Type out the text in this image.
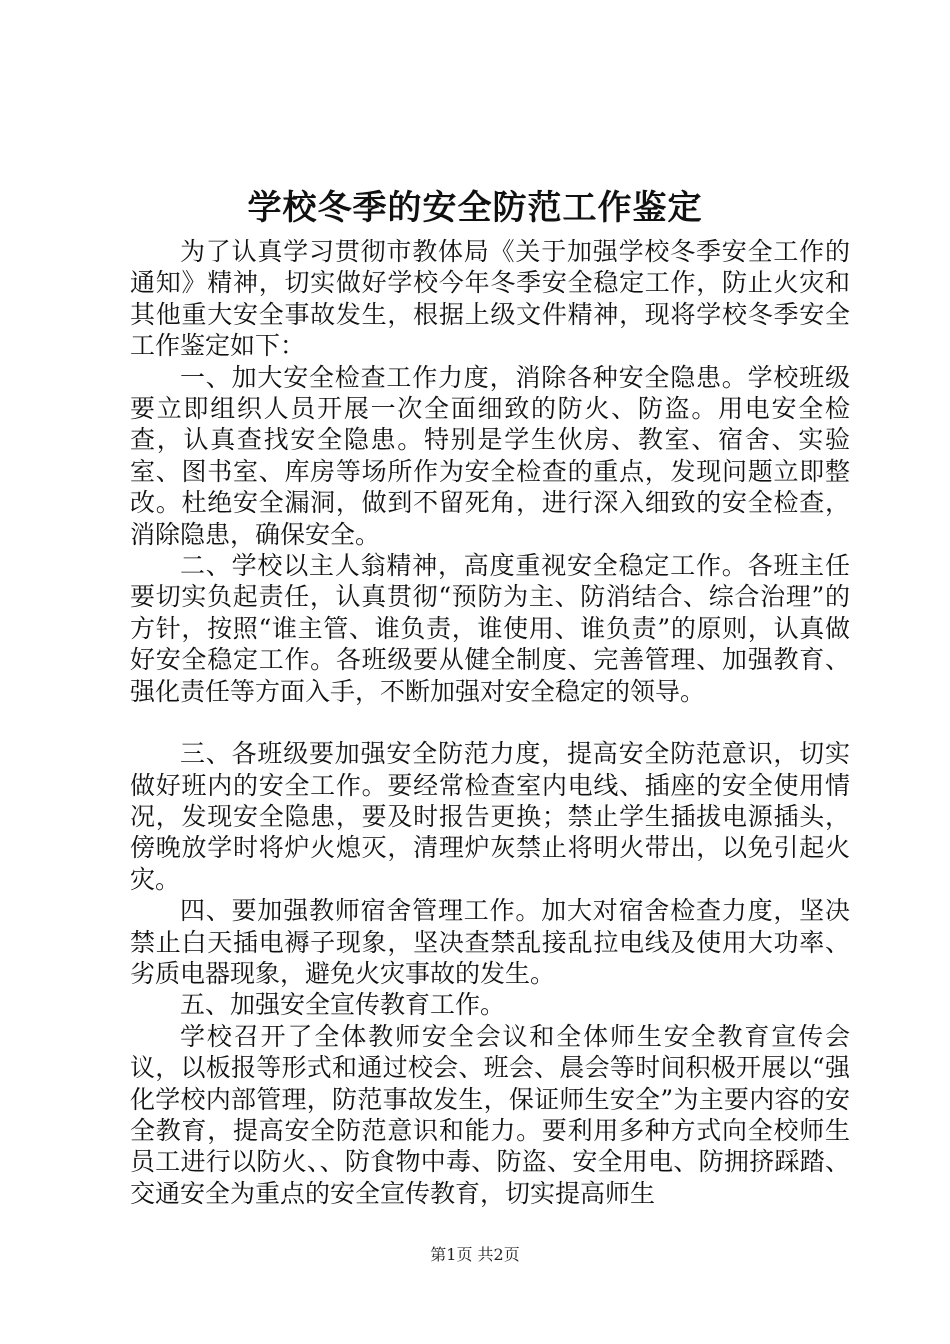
学校冬季的安全防范工作鉴定

为了认真学习贯彻市教体局《关于加强学校冬季安全工作的通知》精神，切实做好学校今年冬季安全稳定工作，防止火灾和其他重大安全事故发生，根据上级文件精神，现将学校冬季安全工作鉴定如下：

一、加大安全检查工作力度，消除各种安全隐患。学校班级要立即组织人员开展一次全面细致的防火、防盗。用电安全检查，认真查找安全隐患。特别是学生伙房、教室、宿舍、实验室、图书室、库房等场所作为安全检查的重点，发现问题立即整改。杜绝安全漏洞，做到不留死角，进行深入细致的安全检查，消除隐患，确保安全。

二、学校以主人翁精神，高度重视安全稳定工作。各班主任要切实负起责任，认真贯彻“预防为主、防消结合、综合治理”的方针，按照“谁主管、谁负责，谁使用、谁负责”的原则，认真做好安全稳定工作。各班级要从健全制度、完善管理、加强教育、强化责任等方面入手，不断加强对安全稳定的领导。

三、各班级要加强安全防范力度，提高安全防范意识，切实做好班内的安全工作。要经常检查室内电线、插座的安全使用情况，发现安全隐患，要及时报告更换；禁止学生插拔电源插头，傍晚放学时将炉火熄灭，清理炉灰禁止将明火带出，以免引起火灾。

四、要加强教师宿舍管理工作。加大对宿舍检查力度，坚决禁止白天插电褥子现象，坚决查禁乱接乱拉电线及使用大功率、劣质电器现象，避免火灾事故的发生。

五、加强安全宣传教育工作。

学校召开了全体教师安全会议和全体师生安全教育宣传会议，以板报等形式和通过校会、班会、晨会等时间积极开展以“强化学校内部管理，防范事故发生，保证师生安全”为主要内容的安全教育，提高安全防范意识和能力。要利用多种方式向全校师生员工进行以防火、、防食物中毒、防盗、安全用电、防拥挤踩踏、交通安全为重点的安全宣传教育，切实提高师生

第1页 共2页
